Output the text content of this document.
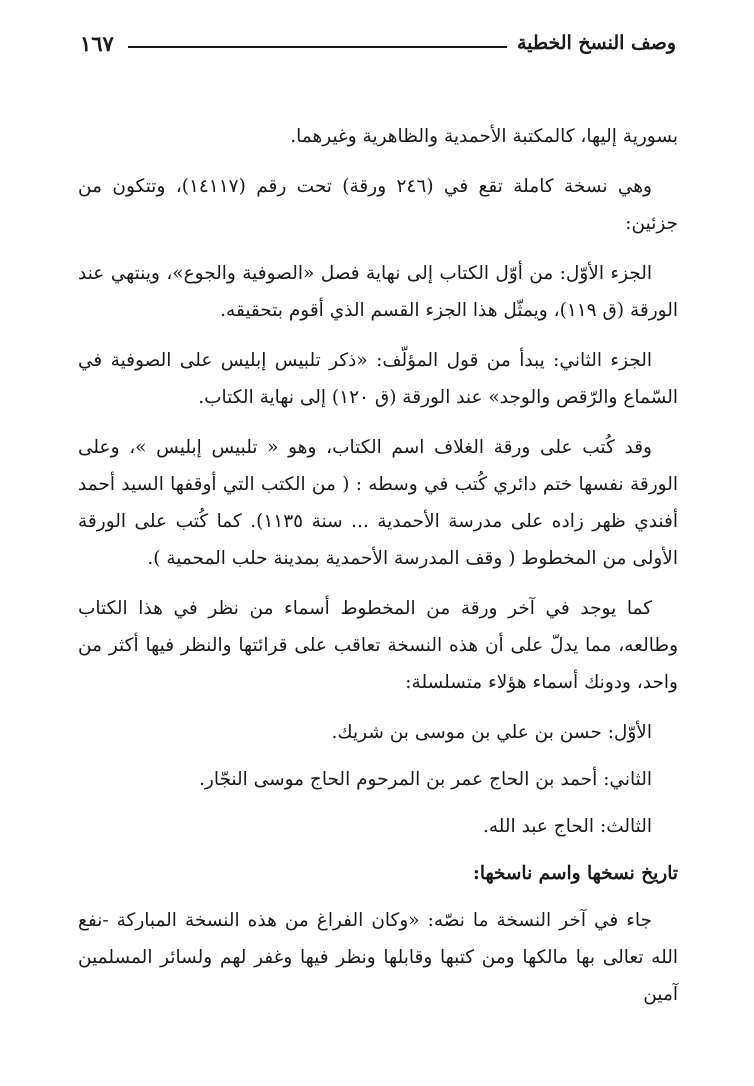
وصف النسخ الخطية
١٦٧

بسورية إليها، كالمكتبة الأحمدية والظاهرية وغيرهما.

وهي نسخة كاملة تقع في (٢٤٦ ورقة) تحت رقم (١٤١١٧)، وتتكون من جزئين:

الجزء الأوّل: من أوّل الكتاب إلى نهاية فصل «الصوفية والجوع»، وينتهي عند الورقة (ق ١١٩)، ويمثّل هذا الجزء القسم الذي أقوم بتحقيقه.

الجزء الثاني: يبدأ من قول المؤلّف: «ذكر تلبيس إبليس على الصوفية في السّماع والرّقص والوجد» عند الورقة (ق ١٢٠) إلى نهاية الكتاب.

وقد كُتب على ورقة الغلاف اسم الكتاب، وهو « تلبيس إبليس »، وعلى الورقة نفسها ختم دائري كُتب في وسطه : ( من الكتب التي أوقفها السيد أحمد أفندي ظهر زاده على مدرسة الأحمدية ... سنة ١١٣٥). كما كُتب على الورقة الأولى من المخطوط ( وقف المدرسة الأحمدية بمدينة حلب المحمية ).

كما يوجد في آخر ورقة من المخطوط أسماء من نظر في هذا الكتاب وطالعه، مما يدلّ على أن هذه النسخة تعاقب على قرائتها والنظر فيها أكثر من واحد، ودونك أسماء هؤلاء متسلسلة:

الأوّل: حسن بن علي بن موسى بن شريك.

الثاني: أحمد بن الحاج عمر بن المرحوم الحاج موسى النجّار.

الثالث: الحاج عبد الله.

تاريخ نسخها واسم ناسخها:

جاء في آخر النسخة ما نصّه: «وكان الفراغ من هذه النسخة المباركة -نفع الله تعالى بها مالكها ومن كتبها وقابلها ونظر فيها وغفر لهم ولسائر المسلمين آمين
